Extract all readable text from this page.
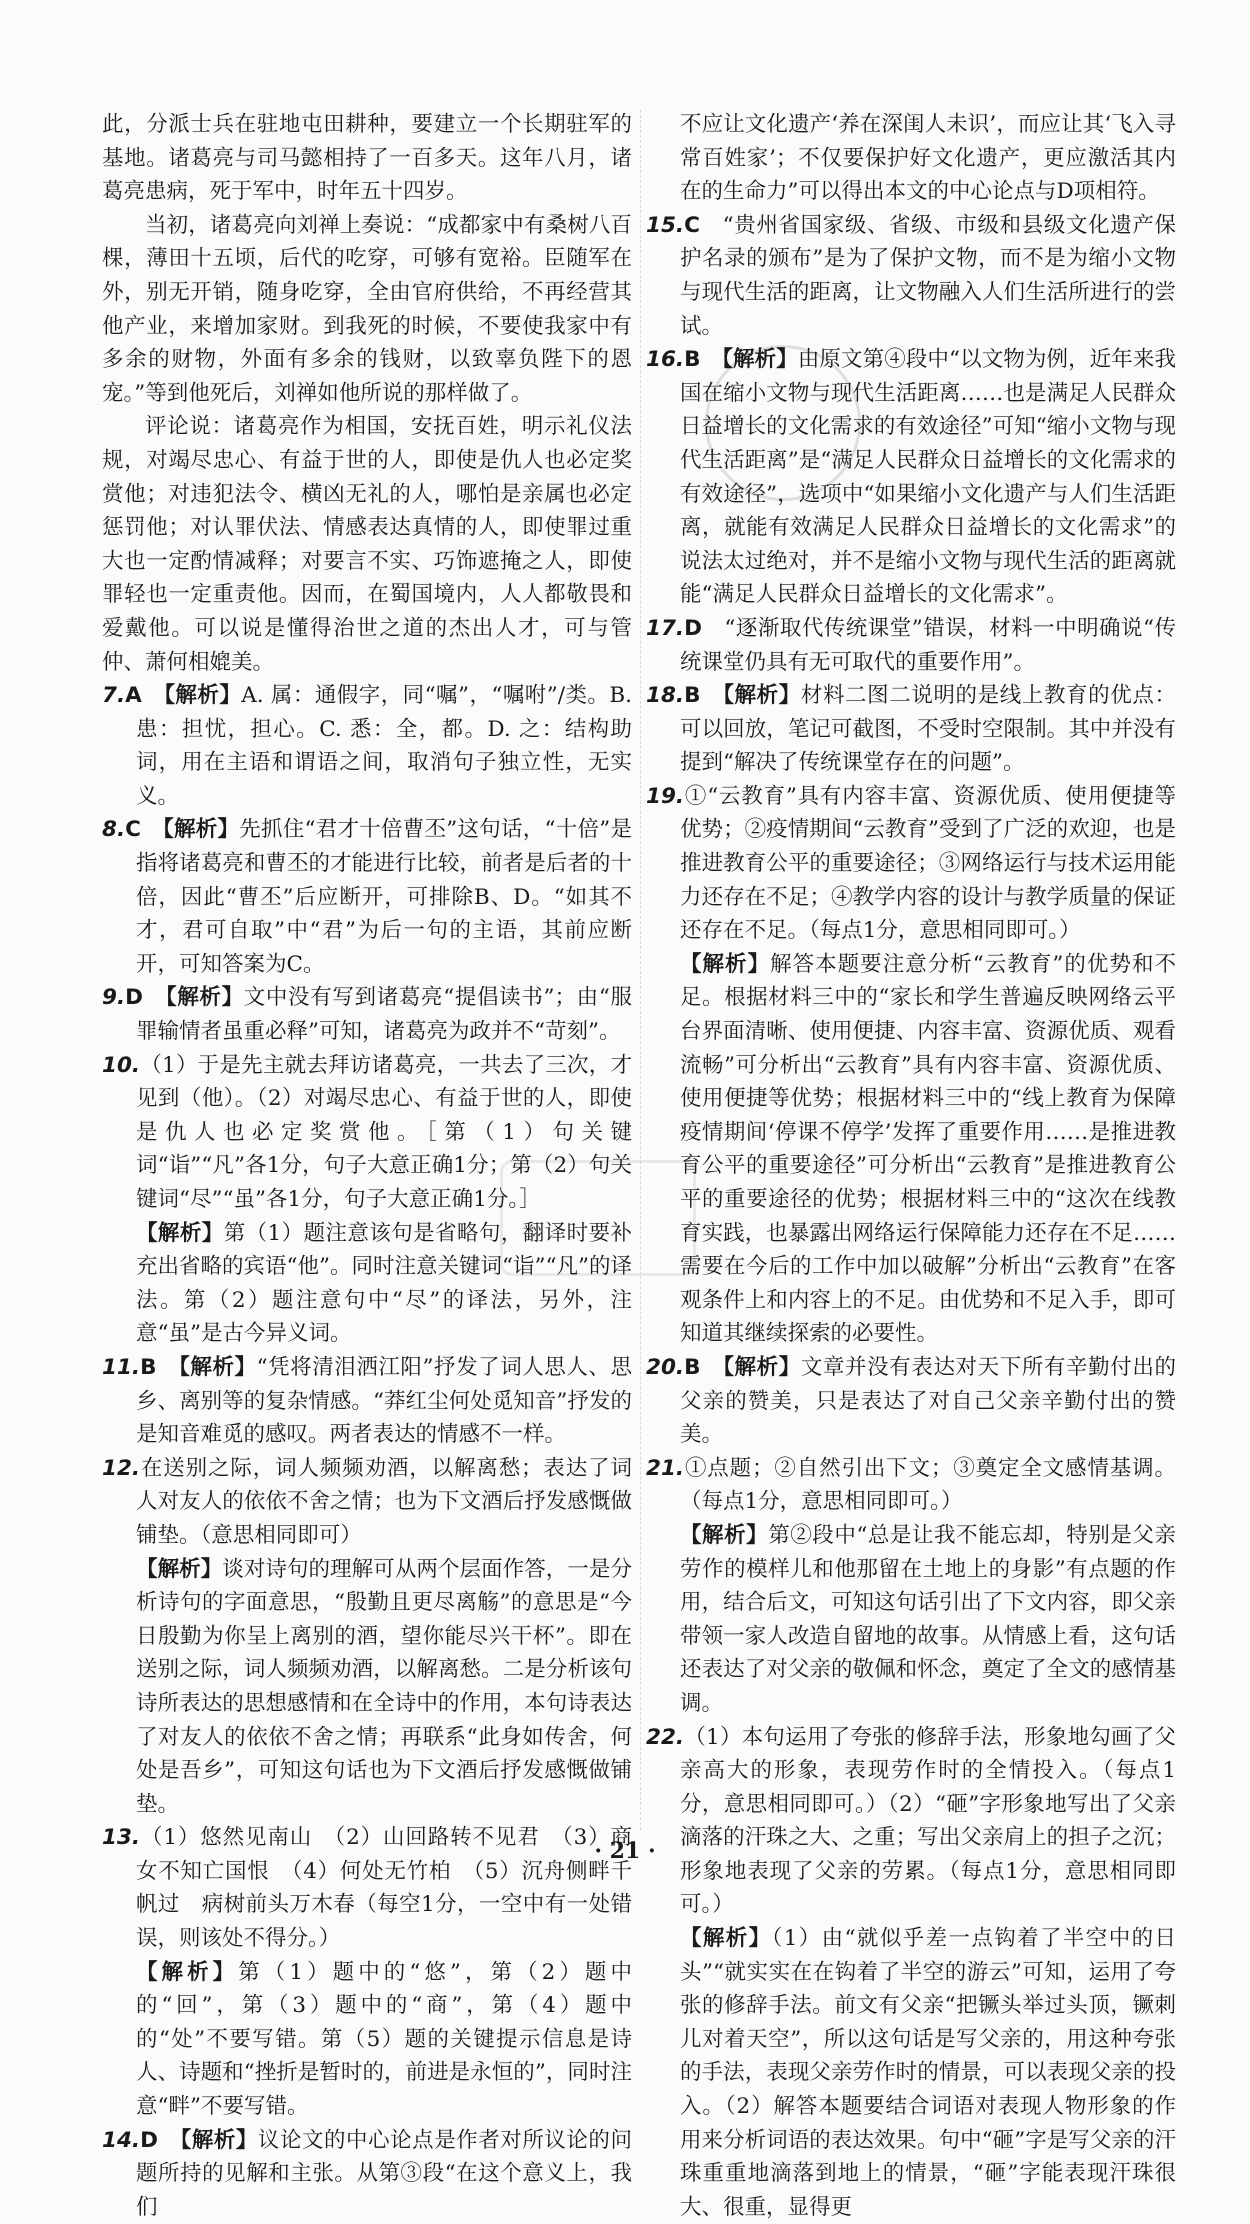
此，分派士兵在驻地屯田耕种，要建立一个长期驻军的基地。诸葛亮与司马懿相持了一百多天。这年八月，诸葛亮患病，死于军中，时年五十四岁。

当初，诸葛亮向刘禅上奏说：“成都家中有桑树八百棵，薄田十五顷，后代的吃穿，可够有宽裕。臣随军在外，别无开销，随身吃穿，全由官府供给，不再经营其他产业，来增加家财。到我死的时候，不要使我家中有多余的财物，外面有多余的钱财，以致辜负陛下的恩宠。”等到他死后，刘禅如他所说的那样做了。

评论说：诸葛亮作为相国，安抚百姓，明示礼仪法规，对竭尽忠心、有益于世的人，即使是仇人也必定奖赏他；对违犯法令、横凶无礼的人，哪怕是亲属也必定惩罚他；对认罪伏法、情感表达真情的人，即使罪过重大也一定酌情减释；对要言不实、巧饰遮掩之人，即使罪轻也一定重责他。因而，在蜀国境内，人人都敬畏和爱戴他。可以说是懂得治世之道的杰出人才，可与管仲、萧何相媲美。

7.A　 【解析】A. 属：通假字，同“嘱”，“嘱咐”/类。B. 患：担忧，担心。C. 悉：全，都。D. 之：结构助词，用在主语和谓语之间，取消句子独立性，无实义。

8.C　 【解析】先抓住“君才十倍曹丕”这句话，“十倍”是指将诸葛亮和曹丕的才能进行比较，前者是后者的十倍，因此“曹丕”后应断开，可排除B、D。“如其不才，君可自取”中“君”为后一句的主语，其前应断开，可知答案为C。

9.D　 【解析】文中没有写到诸葛亮“提倡读书”；由“服罪输情者虽重必释”可知，诸葛亮为政并不“苛刻”。

10.（1）于是先主就去拜访诸葛亮，一共去了三次，才见到（他）。（2）对竭尽忠心、有益于世的人，即使是仇人也必定奖赏他。［第（1）句关键词“诣”“凡”各1分，句子大意正确1分；第（2）句关键词“尽”“虽”各1分，句子大意正确1分。］

【解析】第（1）题注意该句是省略句，翻译时要补充出省略的宾语“他”。同时注意关键词“诣”“凡”的译法。第（2）题注意句中“尽”的译法，另外，注意“虽”是古今异义词。

11.B　 【解析】“凭将清泪洒江阳”抒发了词人思人、思乡、离别等的复杂情感。“莽红尘何处觅知音”抒发的是知音难觅的感叹。两者表达的情感不一样。

12.在送别之际，词人频频劝酒，以解离愁；表达了词人对友人的依依不舍之情；也为下文酒后抒发感慨做铺垫。（意思相同即可）

【解析】谈对诗句的理解可从两个层面作答，一是分析诗句的字面意思，“殷勤且更尽离觞”的意思是“今日殷勤为你呈上离别的酒，望你能尽兴干杯”。即在送别之际，词人频频劝酒，以解离愁。二是分析该句诗所表达的思想感情和在全诗中的作用，本句诗表达了对友人的依依不舍之情；再联系“此身如传舍，何处是吾乡”，可知这句话也为下文酒后抒发感慨做铺垫。

13.（1）悠然见南山　（2）山回路转不见君　（3）商女不知亡国恨　（4）何处无竹柏　（5）沉舟侧畔千帆过　病树前头万木春（每空1分，一空中有一处错误，则该处不得分。）

【解析】第（1）题中的“悠”，第（2）题中的“回”，第（3）题中的“商”，第（4）题中的“处”不要写错。第（5）题的关键提示信息是诗人、诗题和“挫折是暂时的，前进是永恒的”，同时注意“畔”不要写错。

14.D　 【解析】议论文的中心论点是作者对所议论的问题所持的见解和主张。从第③段“在这个意义上，我们

不应让文化遗产‘养在深闺人未识’，而应让其‘飞入寻常百姓家’；不仅要保护好文化遗产，更应激活其内在的生命力”可以得出本文的中心论点与D项相符。

15.C　 “贵州省国家级、省级、市级和县级文化遗产保护名录的颁布”是为了保护文物，而不是为缩小文物与现代生活的距离，让文物融入人们生活所进行的尝试。

16.B　 【解析】由原文第④段中“以文物为例，近年来我国在缩小文物与现代生活距离……也是满足人民群众日益增长的文化需求的有效途径”可知“缩小文物与现代生活距离”是“满足人民群众日益增长的文化需求的有效途径”，选项中“如果缩小文化遗产与人们生活距离，就能有效满足人民群众日益增长的文化需求”的说法太过绝对，并不是缩小文物与现代生活的距离就能“满足人民群众日益增长的文化需求”。

17.D　 “逐渐取代传统课堂”错误，材料一中明确说“传统课堂仍具有无可取代的重要作用”。

18.B　 【解析】材料二图二说明的是线上教育的优点：可以回放，笔记可截图，不受时空限制。其中并没有提到“解决了传统课堂存在的问题”。

19.①“云教育”具有内容丰富、资源优质、使用便捷等优势；②疫情期间“云教育”受到了广泛的欢迎，也是推进教育公平的重要途径；③网络运行与技术运用能力还存在不足；④教学内容的设计与教学质量的保证还存在不足。（每点1分，意思相同即可。）

【解析】解答本题要注意分析“云教育”的优势和不足。根据材料三中的“家长和学生普遍反映网络云平台界面清晰、使用便捷、内容丰富、资源优质、观看流畅”可分析出“云教育”具有内容丰富、资源优质、使用便捷等优势；根据材料三中的“线上教育为保障疫情期间‘停课不停学’发挥了重要作用……是推进教育公平的重要途径”可分析出“云教育”是推进教育公平的重要途径的优势；根据材料三中的“这次在线教育实践，也暴露出网络运行保障能力还存在不足……需要在今后的工作中加以破解”分析出“云教育”在客观条件上和内容上的不足。由优势和不足入手，即可知道其继续探索的必要性。

20.B　 【解析】文章并没有表达对天下所有辛勤付出的父亲的赞美，只是表达了对自己父亲辛勤付出的赞美。

21.①点题；②自然引出下文；③奠定全文感情基调。（每点1分，意思相同即可。）

【解析】第②段中“总是让我不能忘却，特别是父亲劳作的模样儿和他那留在土地上的身影”有点题的作用，结合后文，可知这句话引出了下文内容，即父亲带领一家人改造自留地的故事。从情感上看，这句话还表达了对父亲的敬佩和怀念，奠定了全文的感情基调。

22.（1）本句运用了夸张的修辞手法，形象地勾画了父亲高大的形象，表现劳作时的全情投入。（每点1分，意思相同即可。）（2）“砸”字形象地写出了父亲滴落的汗珠之大、之重；写出父亲肩上的担子之沉；形象地表现了父亲的劳累。（每点1分，意思相同即可。）

【解析】（1）由“就似乎差一点钩着了半空中的日头”“就实实在在钩着了半空的游云”可知，运用了夸张的修辞手法。前文有父亲“把镢头举过头顶，镢刺儿对着天空”，所以这句话是写父亲的，用这种夸张的手法，表现父亲劳作时的情景，可以表现父亲的投入。（2）解答本题要结合词语对表现人物形象的作用来分析词语的表达效果。句中“砸”字是写父亲的汗珠重重地滴落到地上的情景，“砸”字能表现汗珠很大、很重，显得更

· 21 ·
